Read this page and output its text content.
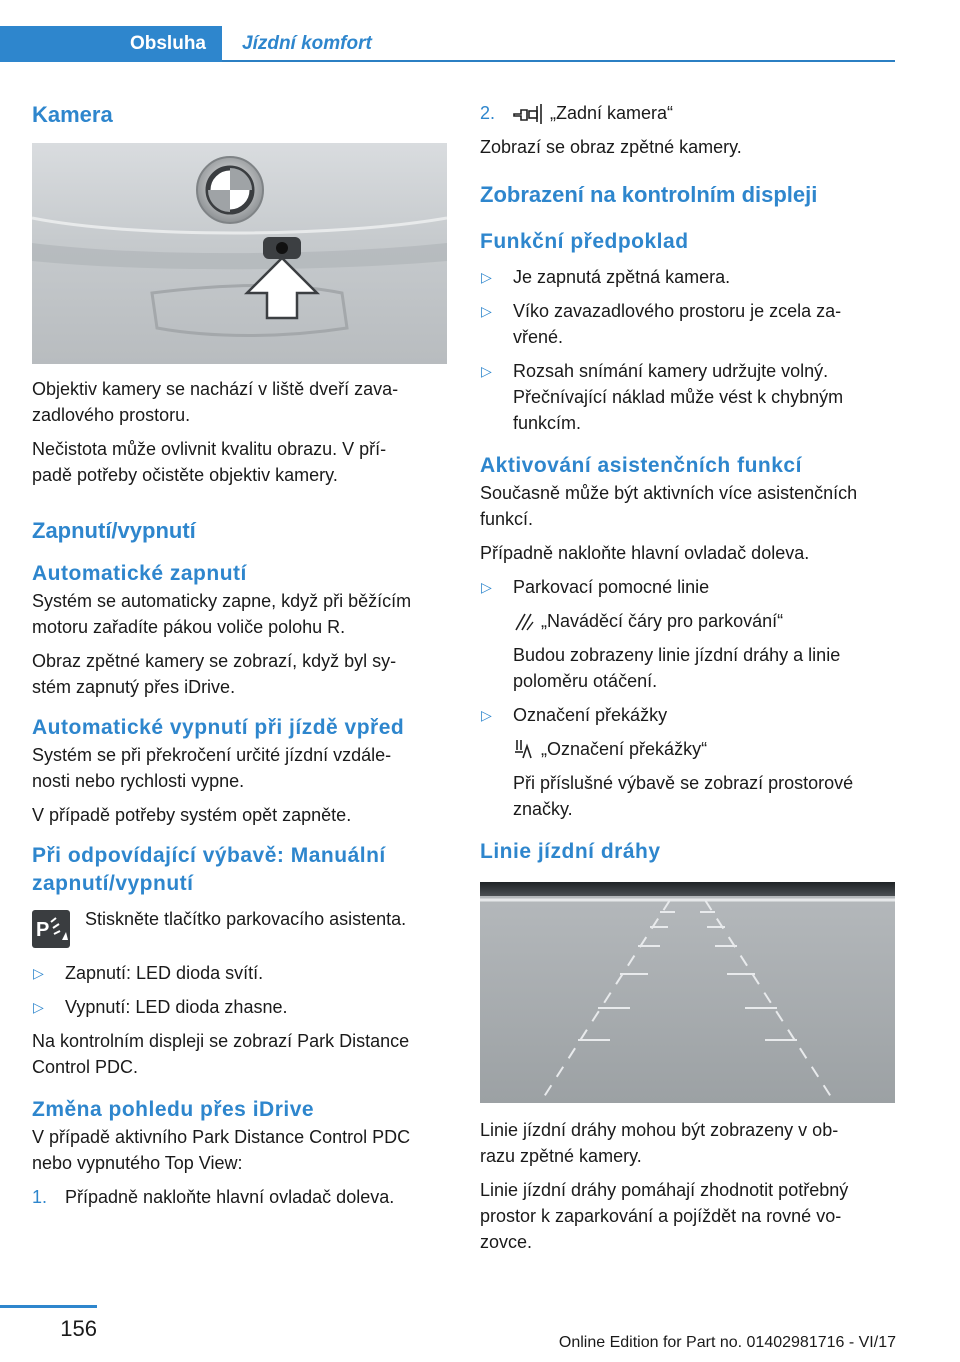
Obsluha	Jízdní komfort
Kamera
Objektiv kamery se nachází v liště dveří zava-
zadlového prostoru.
Nečistota může ovlivnit kvalitu obrazu. V pří-
padě potřeby očistěte objektiv kamery.
Zapnutí/vypnutí
Automatické zapnutí
Systém se automaticky zapne, když při běžícím
motoru zařadíte pákou voliče polohu R.
Obraz zpětné kamery se zobrazí, když byl sy-
stém zapnutý přes iDrive.
Automatické vypnutí při jízdě vpřed
Systém se při překročení určité jízdní vzdále-
nosti nebo rychlosti vypne.
V případě potřeby systém opět zapněte.
Při odpovídající výbavě: Manuální
zapnutí/vypnutí
P Stiskněte tlačítko parkovacího asistenta.
▷ Zapnutí: LED dioda svítí.
▷ Vypnutí: LED dioda zhasne.
Na kontrolním displeji se zobrazí Park Distance
Control PDC.
Změna pohledu přes iDrive
V případě aktivního Park Distance Control PDC
nebo vypnutého Top View:
1. Případně nakloňte hlavní ovladač doleva.
2.	„Zadní kamera“
Zobrazí se obraz zpětné kamery.
Zobrazení na kontrolním displeji
Funkční předpoklad
▷ Je zapnutá zpětná kamera.
▷ Víko zavazadlového prostoru je zcela za-
vřené.
▷ Rozsah snímání kamery udržujte volný.
Přečnívající náklad může vést k chybným
funkcím.
Aktivování asistenčních funkcí
Současně může být aktivních více asistenčních
funkcí.
Případně nakloňte hlavní ovladač doleva.
▷ Parkovací pomocné linie
„Naváděcí čáry pro parkování“
Budou zobrazeny linie jízdní dráhy a linie
poloměru otáčení.
▷ Označení překážky
„Označení překážky“
Při příslušné výbavě se zobrazí prostorové
značky.
Linie jízdní dráhy
Linie jízdní dráhy mohou být zobrazeny v ob-
razu zpětné kamery.
Linie jízdní dráhy pomáhají zhodnotit potřebný
prostor k zaparkování a pojíždět na rovné vo-
zovce.
156
Online Edition for Part no. 01402981716 - VI/17
